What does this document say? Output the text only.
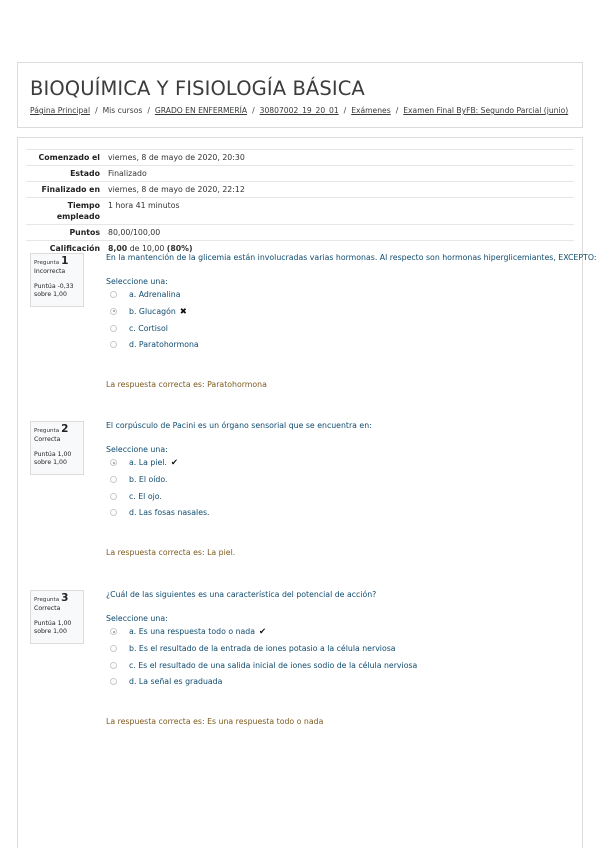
BIOQUÍMICA Y FISIOLOGÍA BÁSICA
Página Principal / Mis cursos / GRADO EN ENFERMERÍA / 30807002_19_20_01 / Exámenes / Examen Final ByFB: Segundo Parcial (junio)
Comenzado el	viernes, 8 de mayo de 2020, 20:30
Estado	Finalizado
Finalizado en	viernes, 8 de mayo de 2020, 22:12
Tiempo empleado	1 hora 41 minutos
Puntos	80,00/100,00
Calificación	8,00 de 10,00 (80%)
Pregunta 1
Incorrecta
Puntúa -0,33 sobre 1,00
En la mantención de la glicemia están involucradas varias hormonas. Al respecto son hormonas hiperglicemiantes, EXCEPTO:
Seleccione una:
a. Adrenalina
b. Glucagón ✖
c. Cortisol
d. Paratohormona
La respuesta correcta es: Paratohormona
Pregunta 2
Correcta
Puntúa 1,00 sobre 1,00
El corpúsculo de Pacini es un órgano sensorial que se encuentra en:
Seleccione una:
a. La piel. ✔
b. El oído.
c. El ojo.
d. Las fosas nasales.
La respuesta correcta es: La piel.
Pregunta 3
Correcta
Puntúa 1,00 sobre 1,00
¿Cuál de las siguientes es una característica del potencial de acción?
Seleccione una:
a. Es una respuesta todo o nada ✔
b. Es el resultado de la entrada de iones potasio a la célula nerviosa
c. Es el resultado de una salida inicial de iones sodio de la célula nerviosa
d. La señal es graduada
La respuesta correcta es: Es una respuesta todo o nada
